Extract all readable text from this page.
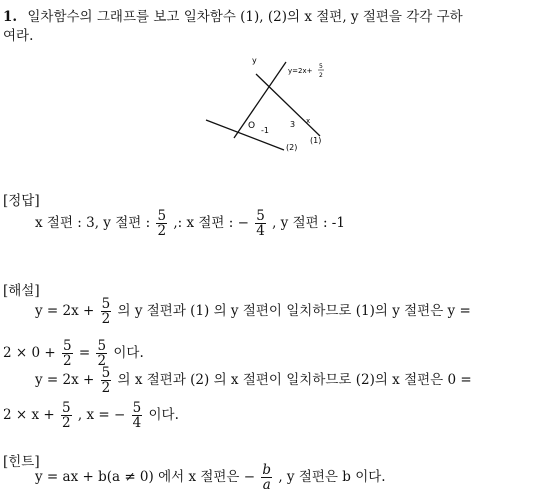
1. 일차함수의 그래프를 보고 일차함수 (1), (2)의 x 절편, y 절편을 각각 구하
여라.
y
y=2x+
5
2
O -1
3 x
(1)
(2)
[정답]
x 절편 : 3, y 절편 : $\frac{5}{2}$ ,: x 절편 : − $\frac{5}{4}$ , y 절편 : -1
[해설]
$y = 2x + \frac{5}{2}$ 의 y 절편과 (1) 의 y 절편이 일치하므로 (1)의 y 절편은 y =
$2 \times 0 + \frac{5}{2} = \frac{5}{2}$ 이다.
$y = 2x + \frac{5}{2}$ 의 x 절편과 (2) 의 x 절편이 일치하므로 (2)의 x 절편은 0 =
$2 \times x + \frac{5}{2}$ , x = − $\frac{5}{4}$ 이다.
[힌트]
y = ax + b(a ≠ 0) 에서 x 절편은 − $\frac{b}{a}$ , y 절편은 b 이다.
